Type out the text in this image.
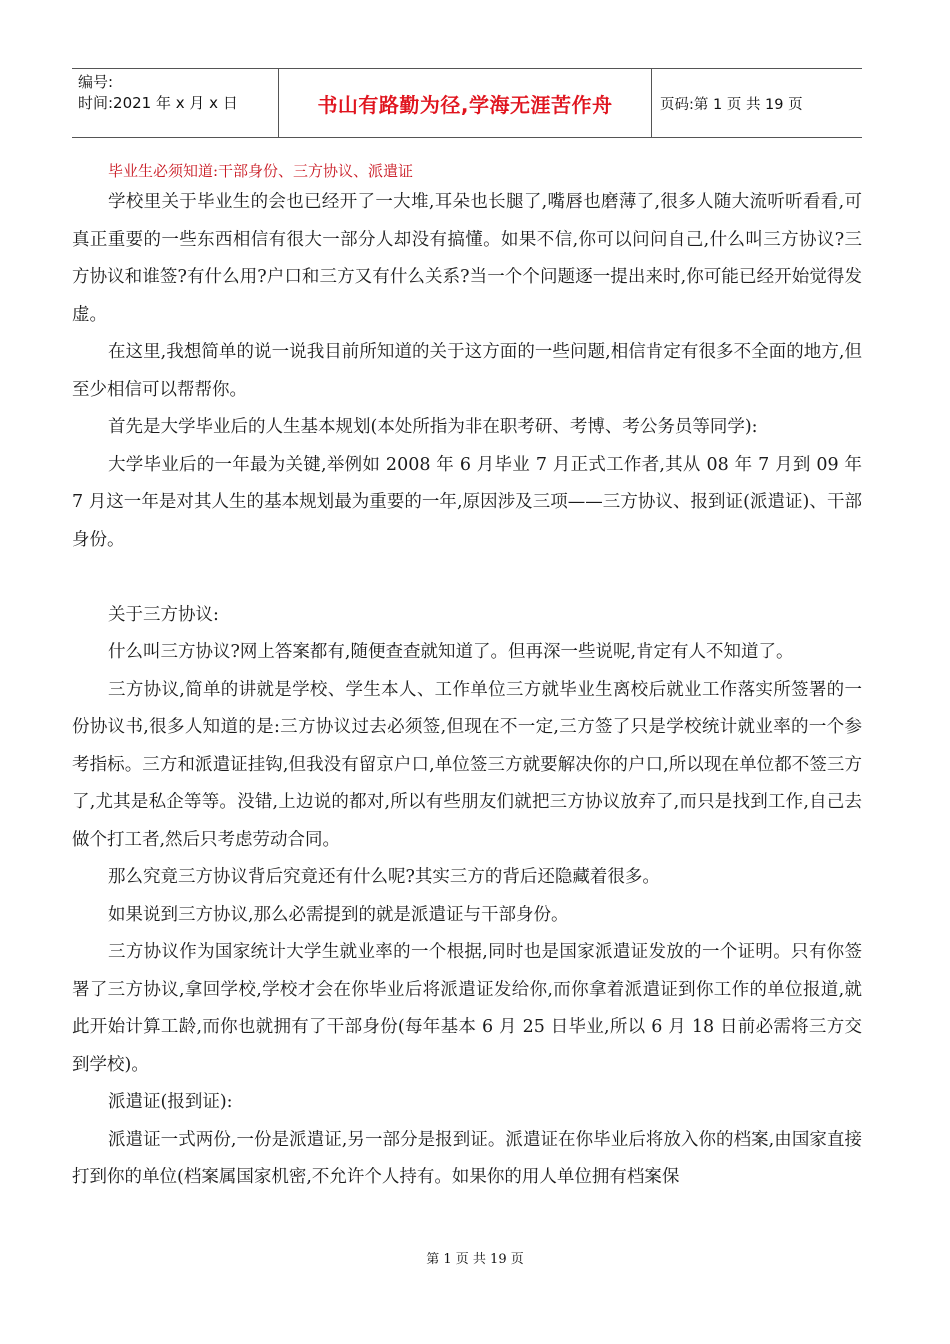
编号:
时间:2021 年 x 月 x 日	书山有路勤为径,学海无涯苦作舟	页码:第 1 页 共 19 页
毕业生必须知道:干部身份、三方协议、派遣证

学校里关于毕业生的会也已经开了一大堆,耳朵也长腿了,嘴唇也磨薄了,很多人随大流听听看看,可真正重要的一些东西相信有很大一部分人却没有搞懂。如果不信,你可以问问自己,什么叫三方协议?三方协议和谁签?有什么用?户口和三方又有什么关系?当一个个问题逐一提出来时,你可能已经开始觉得发虚。

在这里,我想简单的说一说我目前所知道的关于这方面的一些问题,相信肯定有很多不全面的地方,但至少相信可以帮帮你。

首先是大学毕业后的人生基本规划(本处所指为非在职考研、考博、考公务员等同学):

大学毕业后的一年最为关键,举例如 2008 年 6 月毕业 7 月正式工作者,其从 08 年 7 月到 09 年 7 月这一年是对其人生的基本规划最为重要的一年,原因涉及三项——三方协议、报到证(派遣证)、干部身份。

关于三方协议:

什么叫三方协议?网上答案都有,随便查查就知道了。但再深一些说呢,肯定有人不知道了。

三方协议,简单的讲就是学校、学生本人、工作单位三方就毕业生离校后就业工作落实所签署的一份协议书,很多人知道的是:三方协议过去必须签,但现在不一定,三方签了只是学校统计就业率的一个参考指标。三方和派遣证挂钩,但我没有留京户口,单位签三方就要解决你的户口,所以现在单位都不签三方了,尤其是私企等等。没错,上边说的都对,所以有些朋友们就把三方协议放弃了,而只是找到工作,自己去做个打工者,然后只考虑劳动合同。

那么究竟三方协议背后究竟还有什么呢?其实三方的背后还隐藏着很多。

如果说到三方协议,那么必需提到的就是派遣证与干部身份。

三方协议作为国家统计大学生就业率的一个根据,同时也是国家派遣证发放的一个证明。只有你签署了三方协议,拿回学校,学校才会在你毕业后将派遣证发给你,而你拿着派遣证到你工作的单位报道,就此开始计算工龄,而你也就拥有了干部身份(每年基本 6 月 25 日毕业,所以 6 月 18 日前必需将三方交到学校)。

派遣证(报到证):

派遣证一式两份,一份是派遣证,另一部分是报到证。派遣证在你毕业后将放入你的档案,由国家直接打到你的单位(档案属国家机密,不允许个人持有。如果你的用人单位拥有档案保

第 1 页 共 19 页
